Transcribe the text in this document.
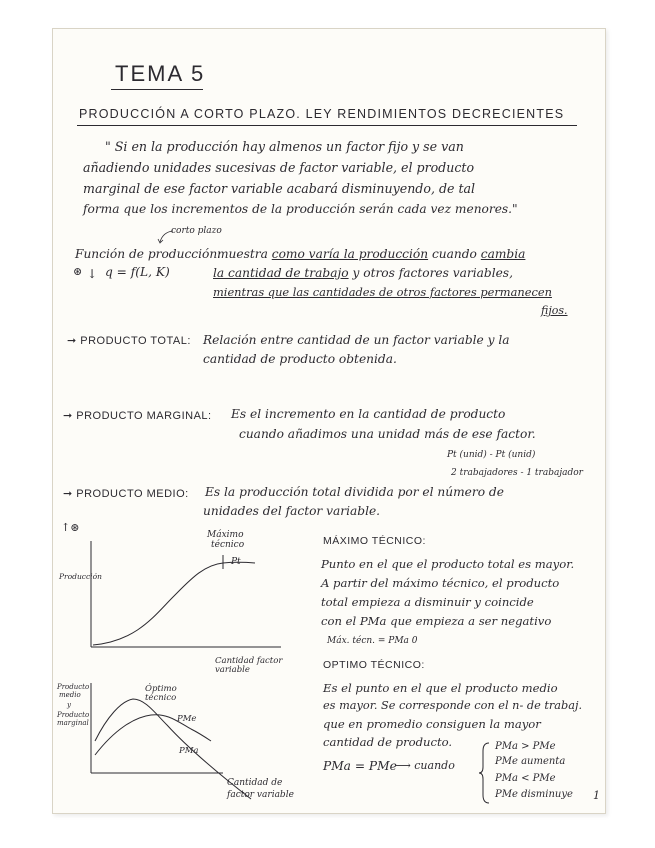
TEMA 5
PRODUCCIÓN A CORTO PLAZO. LEY RENDIMIENTOS DECRECIENTES
" Si en la producción hay almenos un factor fijo y se van
añadiendo unidades sucesivas de factor variable, el producto
marginal de ese factor variable acabará disminuyendo, de tal
forma que los incrementos de la producción serán cada vez menores."
corto plazo
Función de producción:
⊛ ↓ q = f(L, K)
muestra como varía la producción cuando cambia
la cantidad de trabajo y otros factores variables,
mientras que las cantidades de otros factores permanecen
fijos.
➞ PRODUCTO TOTAL: Relación entre cantidad de un factor variable y la
cantidad de producto obtenida.
➞ PRODUCTO MARGINAL: Es el incremento en la cantidad de producto
cuando añadimos una unidad más de ese factor.
Pt (unid) - Pt (unid)
2 trabajadores - 1 trabajador
➞ PRODUCTO MEDIO: Es la producción total dividida por el número de
unidades del factor variable.
↑⊛
Producción
Máximo
técnico
Pt
Cantidad factor
variable
MÁXIMO TÉCNICO:
Punto en el que el producto total es mayor.
A partir del máximo técnico, el producto
total empieza a disminuir y coincide
con el PMa que empieza a ser negativo
Máx. técn. = PMa 0
Producto
medio
y
Producto
marginal
Óptimo
técnico
PMe
PMa
Cantidad de
factor variable
OPTIMO TÉCNICO:
Es el punto en el que el producto medio
es mayor. Se corresponde con el n- de trabaj.
que en promedio consiguen la mayor
cantidad de producto.
PMa = PMe
⟶ cuando
PMa > PMe
PMe aumenta
PMa < PMe
PMe disminuye 1
